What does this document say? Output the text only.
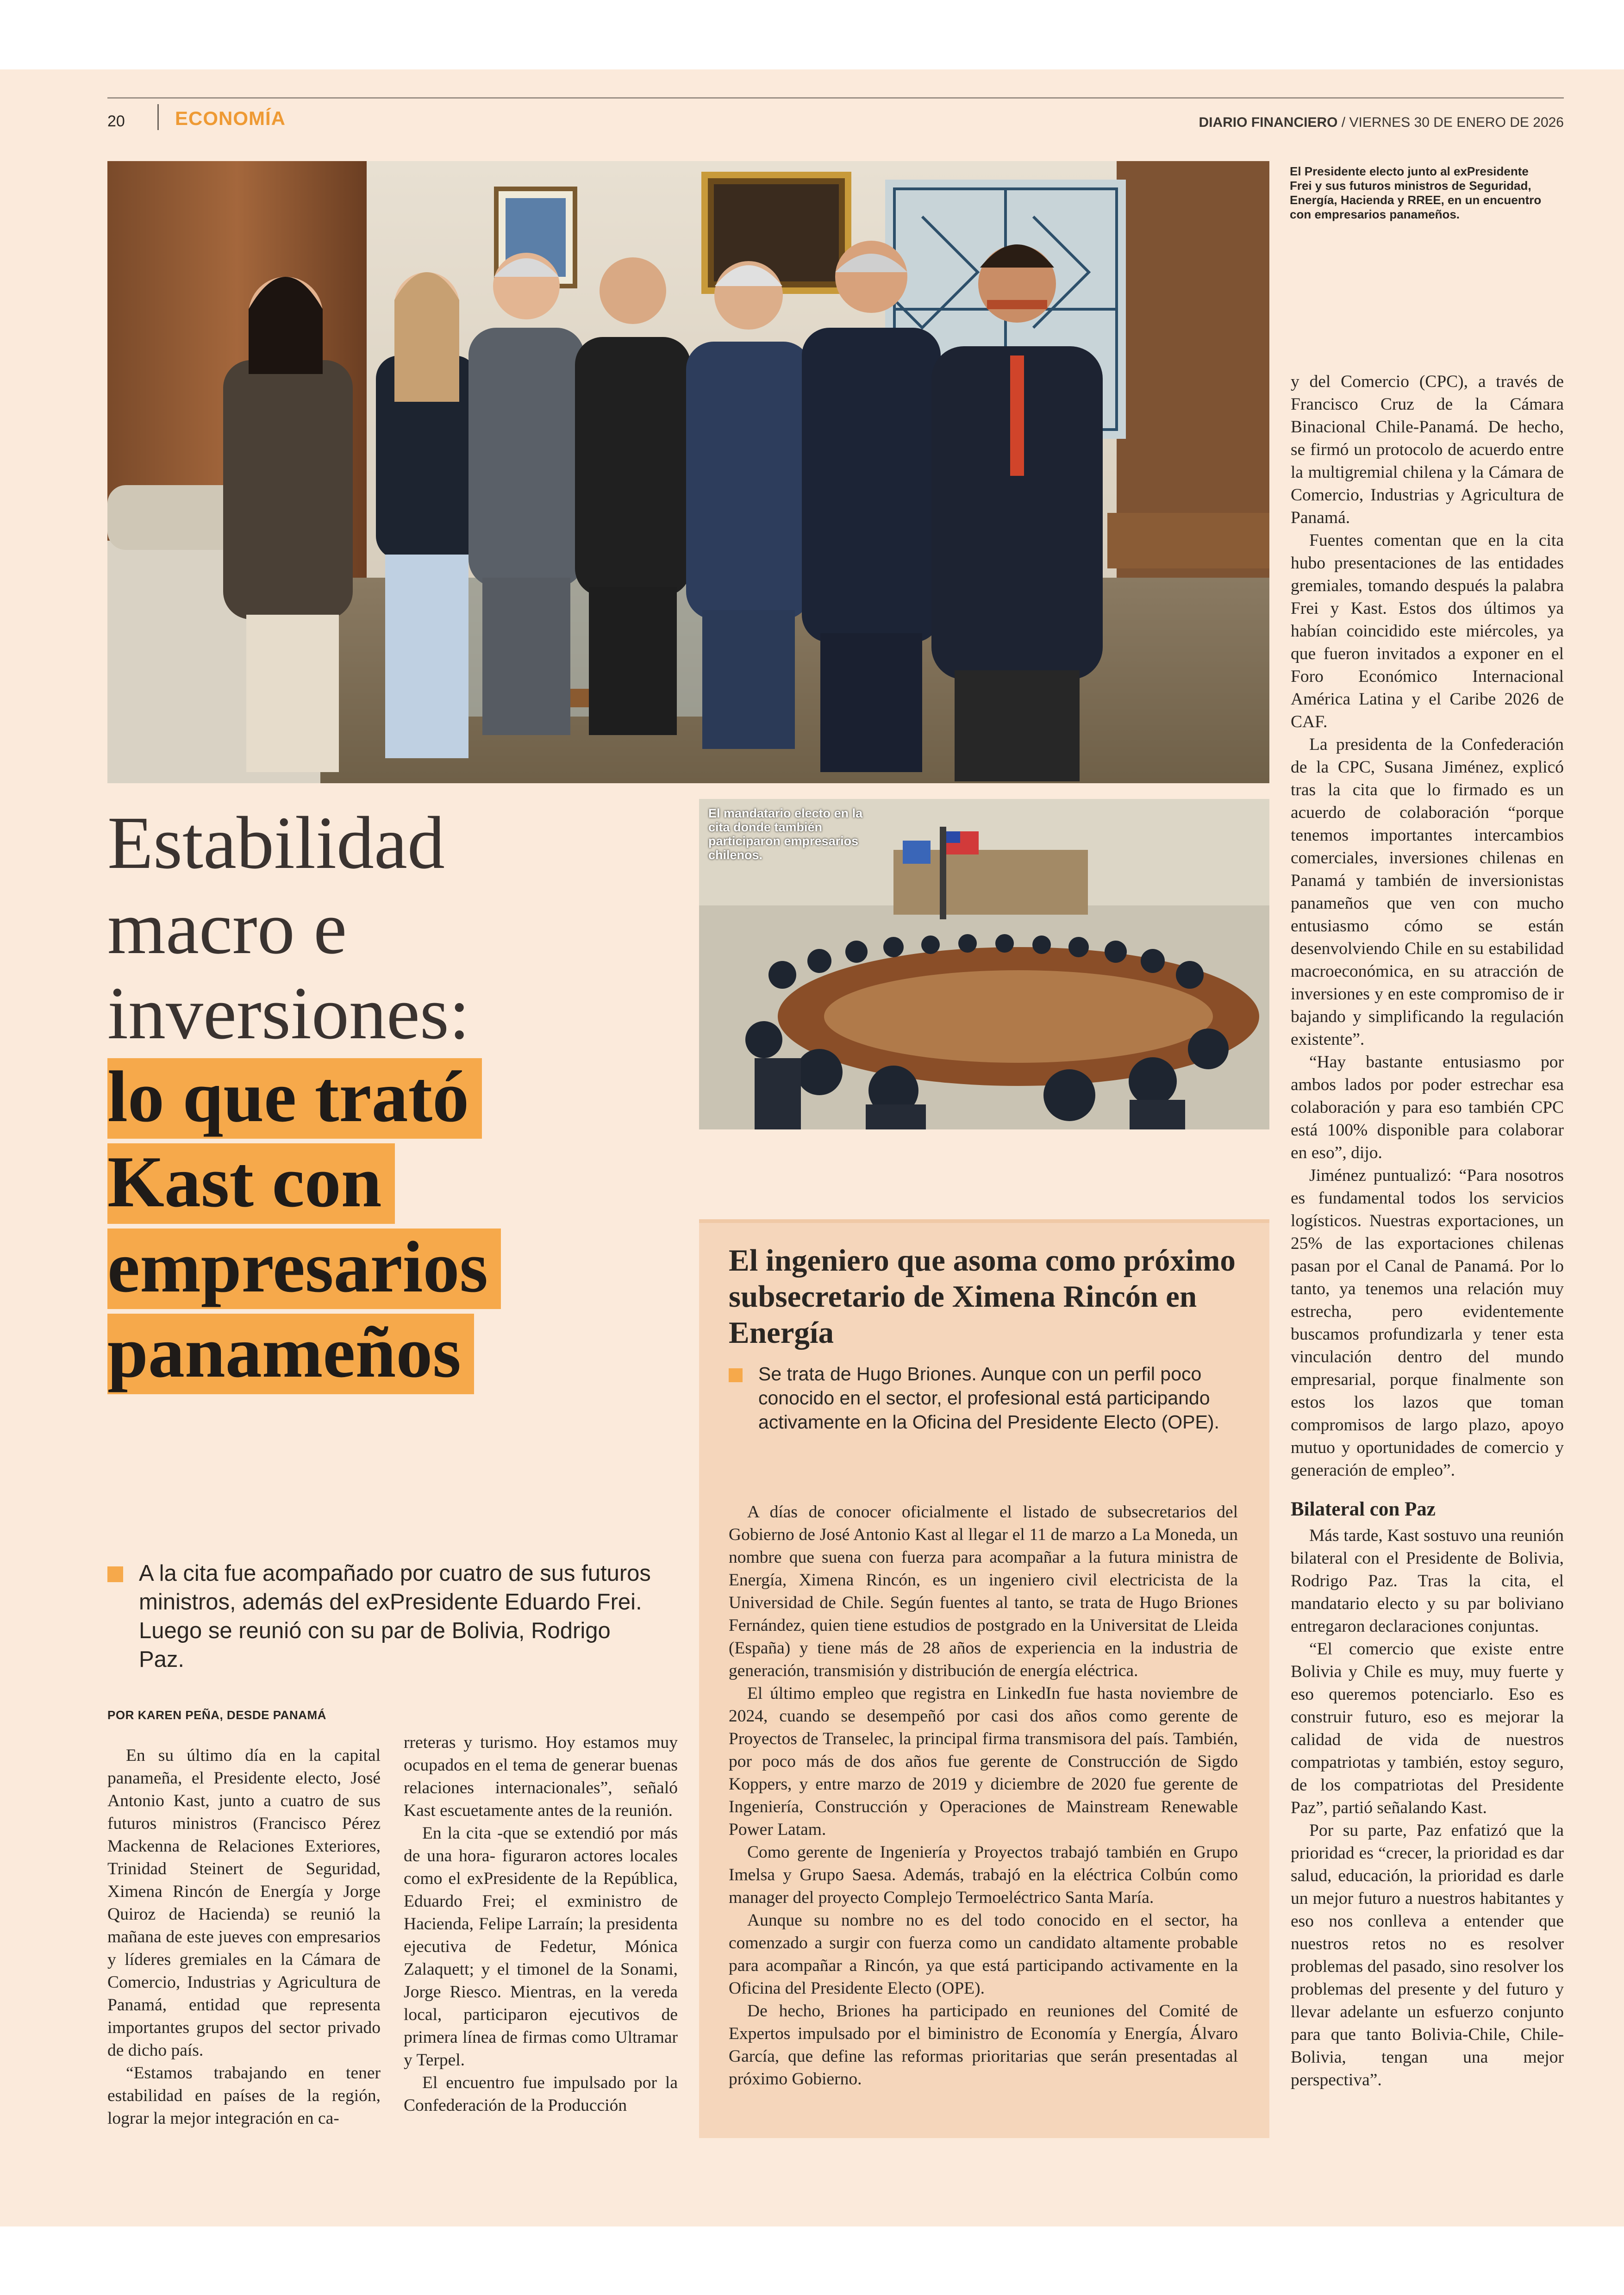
20	ECONOMÍA	DIARIO FINANCIERO / VIERNES 30 DE ENERO DE 2026
El Presidente electo junto al exPresidente Frei y sus futuros ministros de Seguridad, Energía, Hacienda y RREE, en un encuentro con empresarios panameños.
El mandatario electo en la cita donde también participaron empresarios chilenos.
Estabilidad
macro e
inversiones:
lo que trató
Kast con
empresarios
panameños

A la cita fue acompañado por cuatro de sus futuros ministros, además del exPresidente Eduardo Frei. Luego se reunió con su par de Bolivia, Rodrigo Paz.

POR KAREN PEÑA, DESDE PANAMÁ

En su último día en la capital panameña, el Presidente electo, José Antonio Kast, junto a cuatro de sus futuros ministros (Francisco Pérez Mackenna de Relaciones Exteriores, Trinidad Steinert de Seguridad, Ximena Rincón de Energía y Jorge Quiroz de Hacienda) se reunió la mañana de este jueves con empresarios y líderes gremiales en la Cámara de Comercio, Industrias y Agricultura de Panamá, entidad que representa importantes grupos del sector privado de dicho país.

“Estamos trabajando en tener estabilidad en países de la región, lograr la mejor integración en ca-

rreteras y turismo. Hoy estamos muy ocupados en el tema de generar buenas relaciones internacionales”, señaló Kast escuetamente antes de la reunión.

En la cita -que se extendió por más de una hora- figuraron actores locales como el exPresidente de la República, Eduardo Frei; el exministro de Hacienda, Felipe Larraín; la presidenta ejecutiva de Fedetur, Mónica Zalaquett; y el timonel de la Sonami, Jorge Riesco. Mientras, en la vereda local, participaron ejecutivos de primera línea de firmas como Ultramar y Terpel.

El encuentro fue impulsado por la Confederación de la Producción

El ingeniero que asoma como próximo subsecretario de Ximena Rincón en Energía

Se trata de Hugo Briones. Aunque con un perfil poco conocido en el sector, el profesional está participando activamente en la Oficina del Presidente Electo (OPE).

A días de conocer oficialmente el listado de subsecretarios del Gobierno de José Antonio Kast al llegar el 11 de marzo a La Moneda, un nombre que suena con fuerza para acompañar a la futura ministra de Energía, Ximena Rincón, es un ingeniero civil electricista de la Universidad de Chile. Según fuentes al tanto, se trata de Hugo Briones Fernández, quien tiene estudios de postgrado en la Universitat de Lleida (España) y tiene más de 28 años de experiencia en la industria de generación, transmisión y distribución de energía eléctrica.

El último empleo que registra en LinkedIn fue hasta noviembre de 2024, cuando se desempeñó por casi dos años como gerente de Proyectos de Transelec, la principal firma transmisora del país. También, por poco más de dos años fue gerente de Construcción de Sigdo Koppers, y entre marzo de 2019 y diciembre de 2020 fue gerente de Ingeniería, Construcción y Operaciones de Mainstream Renewable Power Latam.

Como gerente de Ingeniería y Proyectos trabajó también en Grupo Imelsa y Grupo Saesa. Además, trabajó en la eléctrica Colbún como manager del proyecto Complejo Termoeléctrico Santa María.

Aunque su nombre no es del todo conocido en el sector, ha comenzado a surgir con fuerza como un candidato altamente probable para acompañar a Rincón, ya que está participando activamente en la Oficina del Presidente Electo (OPE).

De hecho, Briones ha participado en reuniones del Comité de Expertos impulsado por el biministro de Economía y Energía, Álvaro García, que define las reformas prioritarias que serán presentadas al próximo Gobierno.

y del Comercio (CPC), a través de Francisco Cruz de la Cámara Binacional Chile-Panamá. De hecho, se firmó un protocolo de acuerdo entre la multigremial chilena y la Cámara de Comercio, Industrias y Agricultura de Panamá.

Fuentes comentan que en la cita hubo presentaciones de las entidades gremiales, tomando después la palabra Frei y Kast. Estos dos últimos ya habían coincidido este miércoles, ya que fueron invitados a exponer en el Foro Económico Internacional América Latina y el Caribe 2026 de CAF.

La presidenta de la Confederación de la CPC, Susana Jiménez, explicó tras la cita que lo firmado es un acuerdo de colaboración “porque tenemos importantes intercambios comerciales, inversiones chilenas en Panamá y también de inversionistas panameños que ven con mucho entusiasmo cómo se están desenvolviendo Chile en su estabilidad macroeconómica, en su atracción de inversiones y en este compromiso de ir bajando y simplificando la regulación existente”.

“Hay bastante entusiasmo por ambos lados por poder estrechar esa colaboración y para eso también CPC está 100% disponible para colaborar en eso”, dijo.

Jiménez puntualizó: “Para nosotros es fundamental todos los servicios logísticos. Nuestras exportaciones, un 25% de las exportaciones chilenas pasan por el Canal de Panamá. Por lo tanto, ya tenemos una relación muy estrecha, pero evidentemente buscamos profundizarla y tener esta vinculación dentro del mundo empresarial, porque finalmente son estos los lazos que toman compromisos de largo plazo, apoyo mutuo y oportunidades de comercio y generación de empleo”.

Bilateral con Paz

Más tarde, Kast sostuvo una reunión bilateral con el Presidente de Bolivia, Rodrigo Paz. Tras la cita, el mandatario electo y su par boliviano entregaron declaraciones conjuntas.

“El comercio que existe entre Bolivia y Chile es muy, muy fuerte y eso queremos potenciarlo. Eso es construir futuro, eso es mejorar la calidad de vida de nuestros compatriotas y también, estoy seguro, de los compatriotas del Presidente Paz”, partió señalando Kast.

Por su parte, Paz enfatizó que la prioridad es “crecer, la prioridad es dar salud, educación, la prioridad es darle un mejor futuro a nuestros habitantes y eso nos conlleva a entender que nuestros retos no es resolver problemas del pasado, sino resolver los problemas del presente y del futuro y llevar adelante un esfuerzo conjunto para que tanto Bolivia-Chile, Chile-Bolivia, tengan una mejor perspectiva”.
